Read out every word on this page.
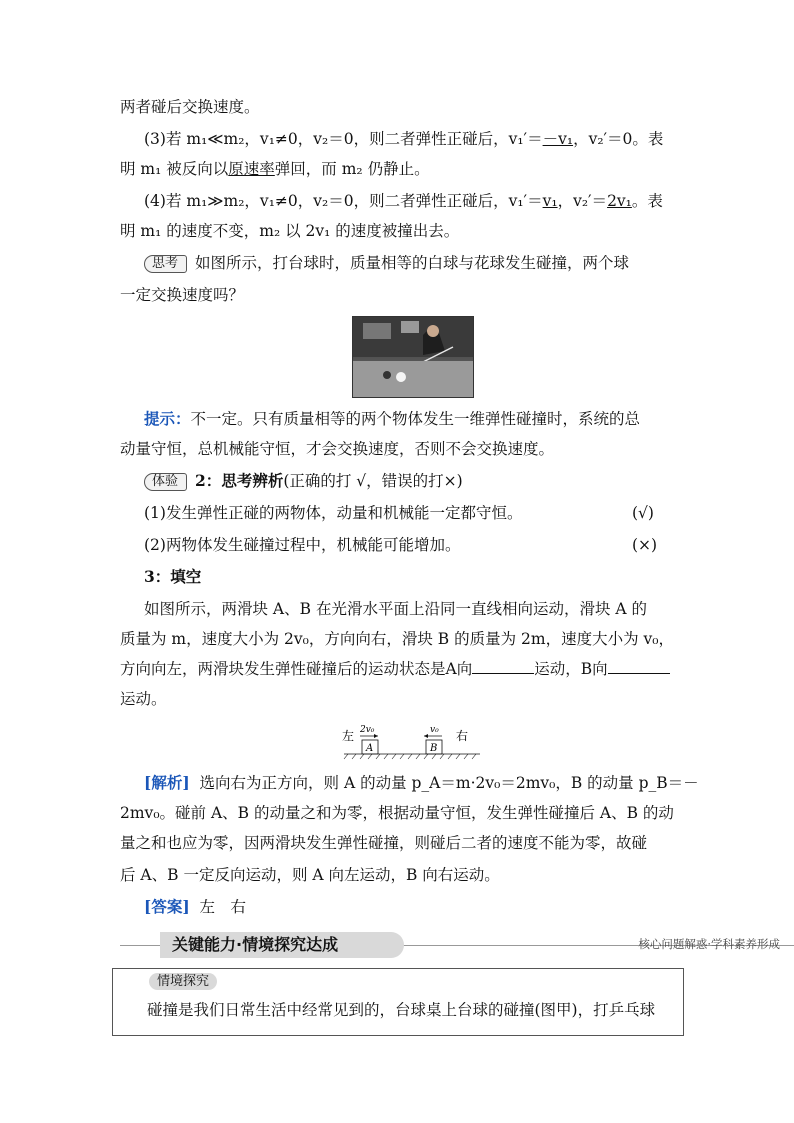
两者碰后交换速度。
(3)若 m₁≪m₂，v₁≠0，v₂＝0，则二者弹性正碰后，v₁′＝－v₁，v₂′＝0。表
明 m₁ 被反向以原速率弹回，而 m₂ 仍静止。
(4)若 m₁≫m₂，v₁≠0，v₂＝0，则二者弹性正碰后，v₁′＝v₁，v₂′＝2v₁。表
明 m₁ 的速度不变，m₂ 以 2v₁ 的速度被撞出去。
思考 如图所示，打台球时，质量相等的白球与花球发生碰撞，两个球
一定交换速度吗？
提示：不一定。只有质量相等的两个物体发生一维弹性碰撞时，系统的总
动量守恒，总机械能守恒，才会交换速度，否则不会交换速度。
体验 2：思考辨析(正确的打 √，错误的打×)
(1)发生弹性正碰的两物体，动量和机械能一定都守恒。	(√)
(2)两物体发生碰撞过程中，机械能可能增加。	(×)
3：填空
如图所示，两滑块 A、B 在光滑水平面上沿同一直线相向运动，滑块 A 的
质量为 m，速度大小为 2v₀，方向向右，滑块 B 的质量为 2m，速度大小为 v₀，
方向向左，两滑块发生弹性碰撞后的运动状态是A向	运动，B向
运动。
左	右
2v₀	v₀
A	B
[解析] 选向右为正方向，则 A 的动量 p_A＝m·2v₀＝2mv₀，B 的动量 p_B＝－
2mv₀。碰前 A、B 的动量之和为零，根据动量守恒，发生弹性碰撞后 A、B 的动
量之和也应为零，因两滑块发生弹性碰撞，则碰后二者的速度不能为零，故碰
后 A、B 一定反向运动，则 A 向左运动，B 向右运动。
[答案] 左　右
关键能力·情境探究达成	核心问题解惑·学科素养形成
情境探究
碰撞是我们日常生活中经常见到的，台球桌上台球的碰撞(图甲)，打乒乓球
